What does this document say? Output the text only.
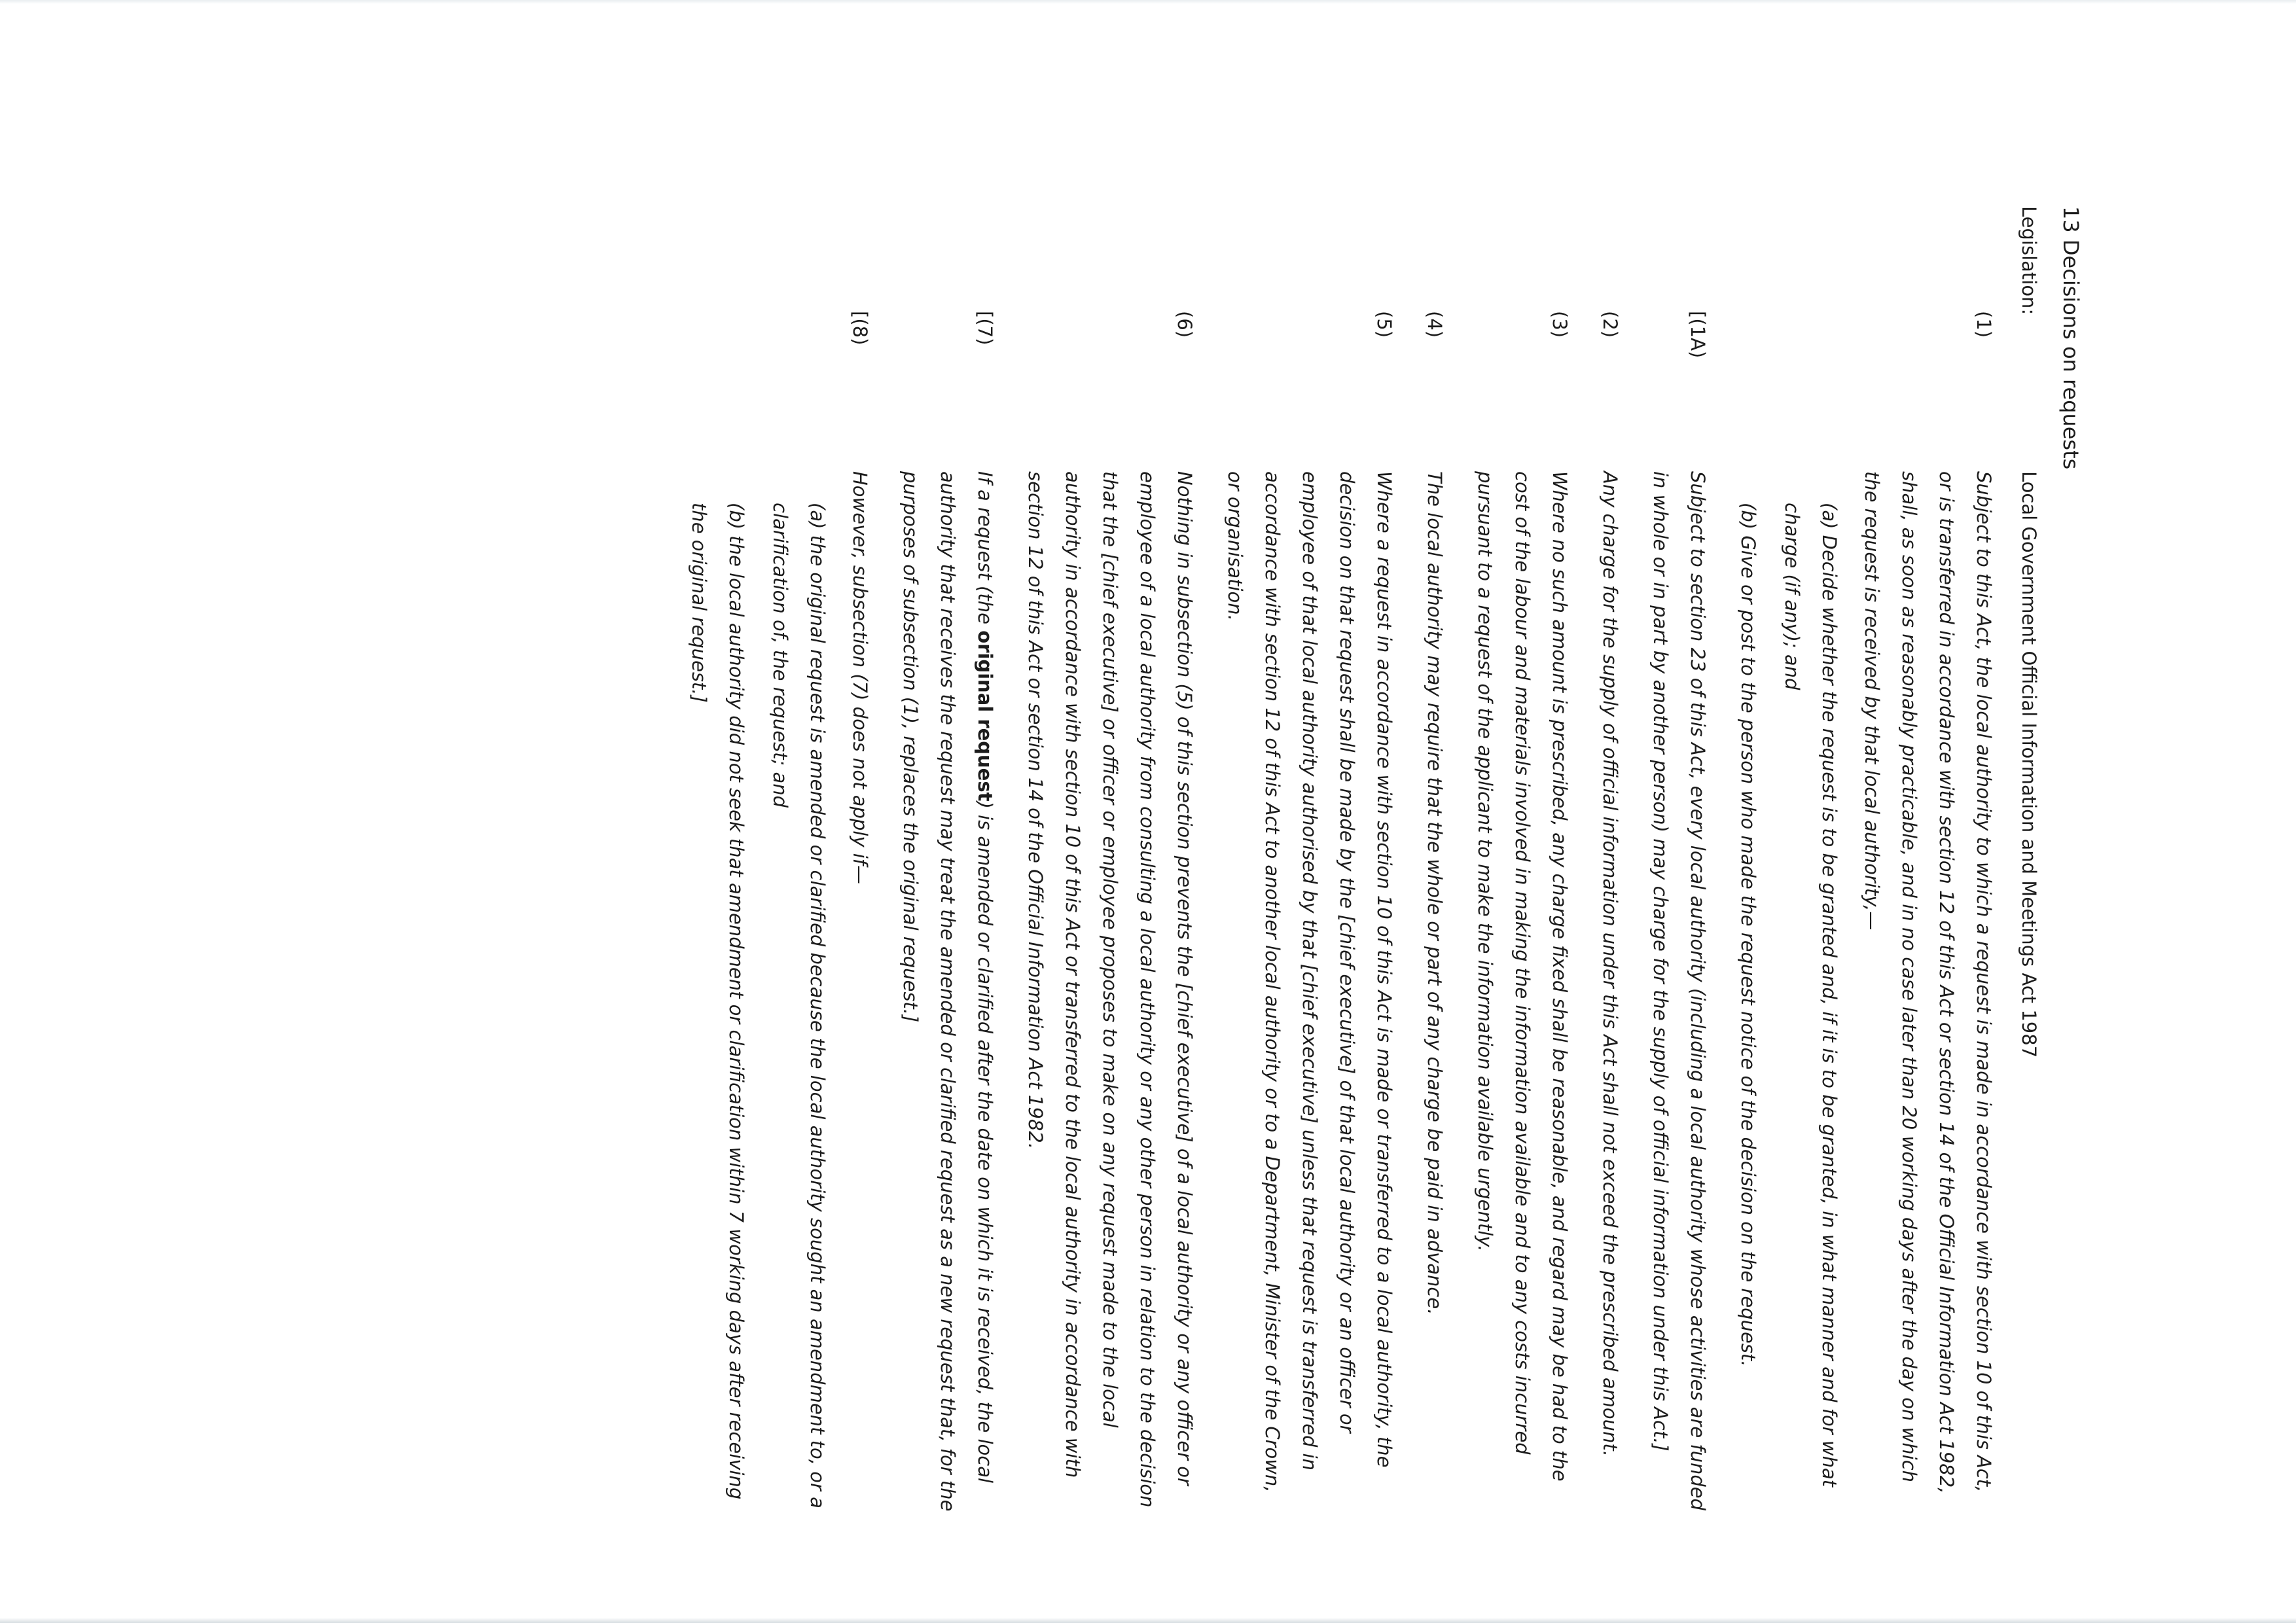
13 Decisions on requests
Legislation:
Local Government Official Information and Meetings Act 1987
(1)
Subject to this Act, the local authority to which a request is made in accordance with section 10 of this Act, or is transferred in accordance with section 12 of this Act or section 14 of the Official Information Act 1982, shall, as soon as reasonably practicable, and in no case later than 20 working days after the day on which the request is received by that local authority,—
(a) Decide whether the request is to be granted and, if it is to be granted, in what manner and for what charge (if any); and
(b) Give or post to the person who made the request notice of the decision on the request.
[(1A)
Subject to section 23 of this Act, every local authority (including a local authority whose activities are funded in whole or in part by another person) may charge for the supply of official information under this Act.]
(2)
Any charge for the supply of official information under this Act shall not exceed the prescribed amount.
(3)
Where no such amount is prescribed, any charge fixed shall be reasonable, and regard may be had to the cost of the labour and materials involved in making the information available and to any costs incurred pursuant to a request of the applicant to make the information available urgently.
(4)
The local authority may require that the whole or part of any charge be paid in advance.
(5)
Where a request in accordance with section 10 of this Act is made or transferred to a local authority, the decision on that request shall be made by the [chief executive] of that local authority or an officer or employee of that local authority authorised by that [chief executive] unless that request is transferred in accordance with section 12 of this Act to another local authority or to a Department, Minister of the Crown, or organisation.
(6)
Nothing in subsection (5) of this section prevents the [chief executive] of a local authority or any officer or employee of a local authority from consulting a local authority or any other person in relation to the decision that the [chief executive] or officer or employee proposes to make on any request made to the local authority in accordance with section 10 of this Act or transferred to the local authority in accordance with section 12 of this Act or section 14 of the Official Information Act 1982.
[(7)
If a request (the original request) is amended or clarified after the date on which it is received, the local authority that receives the request may treat the amended or clarified request as a new request that, for the purposes of subsection (1), replaces the original request.]
[(8)
However, subsection (7) does not apply if—
(a) the original request is amended or clarified because the local authority sought an amendment to, or a clarification of, the request; and
(b) the local authority did not seek that amendment or clarification within 7 working days after receiving the original request.]
